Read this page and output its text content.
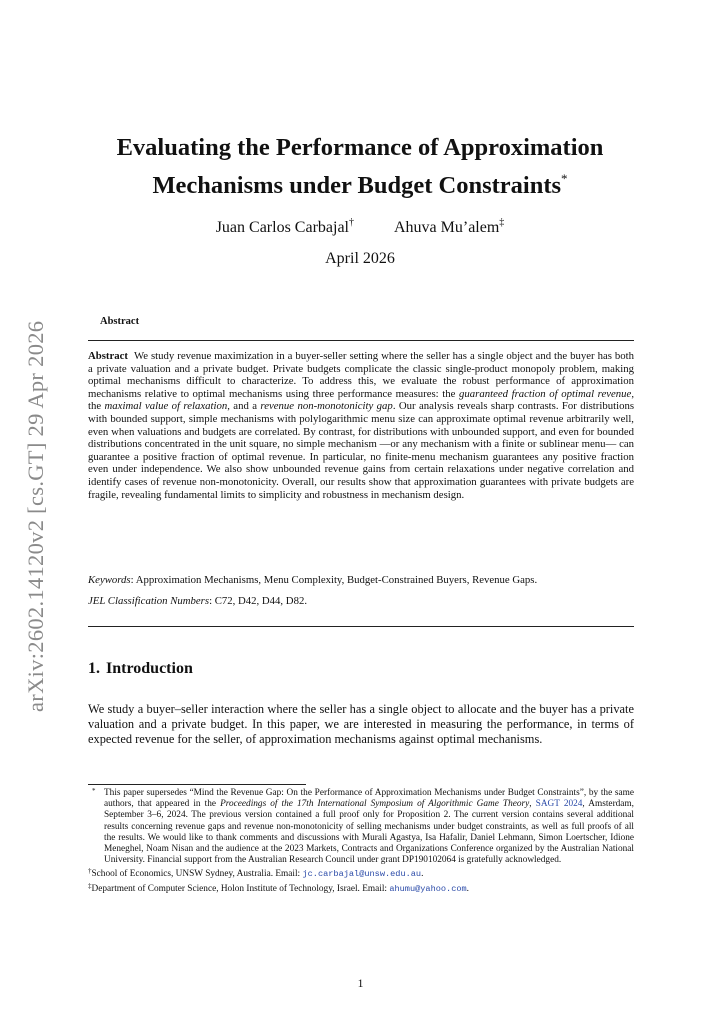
arXiv:2602.14120v2 [cs.GT] 29 Apr 2026
Evaluating the Performance of Approximation
Mechanisms under Budget Constraints*
Juan Carlos Carbajal†	Ahuva Mu’alem‡
April 2026
Abstract

Abstract We study revenue maximization in a buyer-seller setting where the seller has a single object and the buyer has both a private valuation and a private budget. Private budgets complicate the classic single-product monopoly problem, making optimal mechanisms difficult to characterize. To address this, we evaluate the robust performance of approximation mechanisms relative to optimal mechanisms using three performance measures: the guaranteed fraction of optimal revenue, the maximal value of relaxation, and a revenue non-monotonicity gap. Our analysis reveals sharp contrasts. For distributions with bounded support, simple mechanisms with polylogarithmic menu size can approximate optimal revenue arbitrarily well, even when valuations and budgets are correlated. By contrast, for distributions with unbounded support, and even for bounded distributions concentrated in the unit square, no simple mechanism —or any mechanism with a finite or sublinear menu— can guarantee a positive fraction of optimal revenue. In particular, no finite-menu mechanism guarantees any positive fraction even under independence. We also show unbounded revenue gains from certain relaxations under negative correlation and identify cases of revenue non-monotonicity. Overall, our results show that approximation guarantees with private budgets are fragile, revealing fundamental limits to simplicity and robustness in mechanism design.

Keywords: Approximation Mechanisms, Menu Complexity, Budget-Constrained Buyers, Revenue Gaps.

JEL Classification Numbers: C72, D42, D44, D82.

1. Introduction

We study a buyer–seller interaction where the seller has a single object to allocate and the buyer has a private valuation and a private budget. In this paper, we are interested in measuring the performance, in terms of expected revenue for the seller, of approximation mechanisms against optimal mechanisms.

* This paper supersedes “Mind the Revenue Gap: On the Performance of Approximation Mechanisms under Budget Constraints”, by the same authors, that appeared in the Proceedings of the 17th International Symposium of Algorithmic Game Theory, SAGT 2024, Amsterdam, September 3–6, 2024. The previous version contained a full proof only for Proposition 2. The current version contains several additional results concerning revenue gaps and revenue non-monotonicity of selling mechanisms under budget constraints, as well as full proofs of all the results. We would like to thank comments and discussions with Murali Agastya, Isa Hafalir, Daniel Lehmann, Simon Loertscher, Idione Meneghel, Noam Nisan and the audience at the 2023 Markets, Contracts and Organizations Conference organized by the Australian National University. Financial support from the Australian Research Council under grant DP190102064 is gratefully acknowledged.

†School of Economics, UNSW Sydney, Australia. Email: jc.carbajal@unsw.edu.au.

‡Department of Computer Science, Holon Institute of Technology, Israel. Email: ahumu@yahoo.com.

1
